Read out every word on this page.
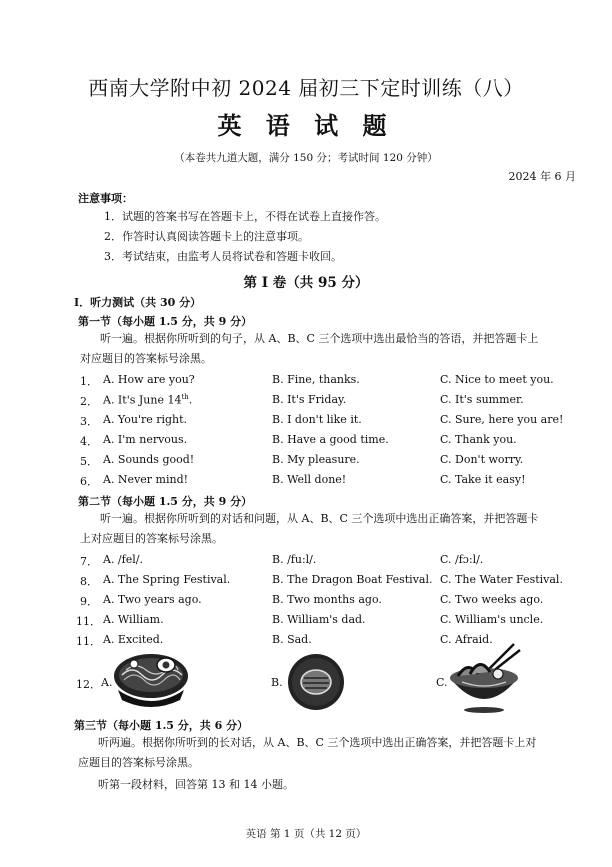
西南大学附中初 2024 届初三下定时训练（八）
英 语 试 题
（本卷共九道大题，满分 150 分；考试时间 120 分钟）
2024 年 6 月
注意事项：
1．试题的答案书写在答题卡上，不得在试卷上直接作答。
2．作答时认真阅读答题卡上的注意事项。
3．考试结束，由监考人员将试卷和答题卡收回。
第 I 卷（共 95 分）
I．听力测试（共 30 分）
第一节（每小题 1.5 分，共 9 分）
听一遍。根据你所听到的句子，从 A、B、C 三个选项中选出最恰当的答语，并把答题卡上
对应题目的答案标号涂黑。
1． A. How are you?	B. Fine, thanks.	C. Nice to meet you.
2． A. It's June 14th.	B. It's Friday.	C. It's summer.
3． A. You're right.	B. I don't like it.	C. Sure, here you are!
4． A. I'm nervous.	B. Have a good time.	C. Thank you.
5． A. Sounds good!	B. My pleasure.	C. Don't worry.
6． A. Never mind!	B. Well done!	C. Take it easy!
第二节（每小题 1.5 分，共 9 分）
听一遍。根据你所听到的对话和问题，从 A、B、C 三个选项中选出正确答案，并把答题卡
上对应题目的答案标号涂黑。
7． A. /fel/.	B. /fu:l/.	C. /fɔ:l/.
8． A. The Spring Festival.	B. The Dragon Boat Festival. C. The Water Festival.
9． A. Two years ago.	B. Two months ago.	C. Two weeks ago.
11． A. William.	B. William's dad.	C. William's uncle.
11． A. Excited.	B. Sad.	C. Afraid.
12． A.	B.	C.
第三节（每小题 1.5 分，共 6 分）
听两遍。根据你所听到的长对话，从 A、B、C 三个选项中选出正确答案，并把答题卡上对
应题目的答案标号涂黑。
听第一段材料，回答第 13 和 14 小题。
英语 第 1 页（共 12 页）
